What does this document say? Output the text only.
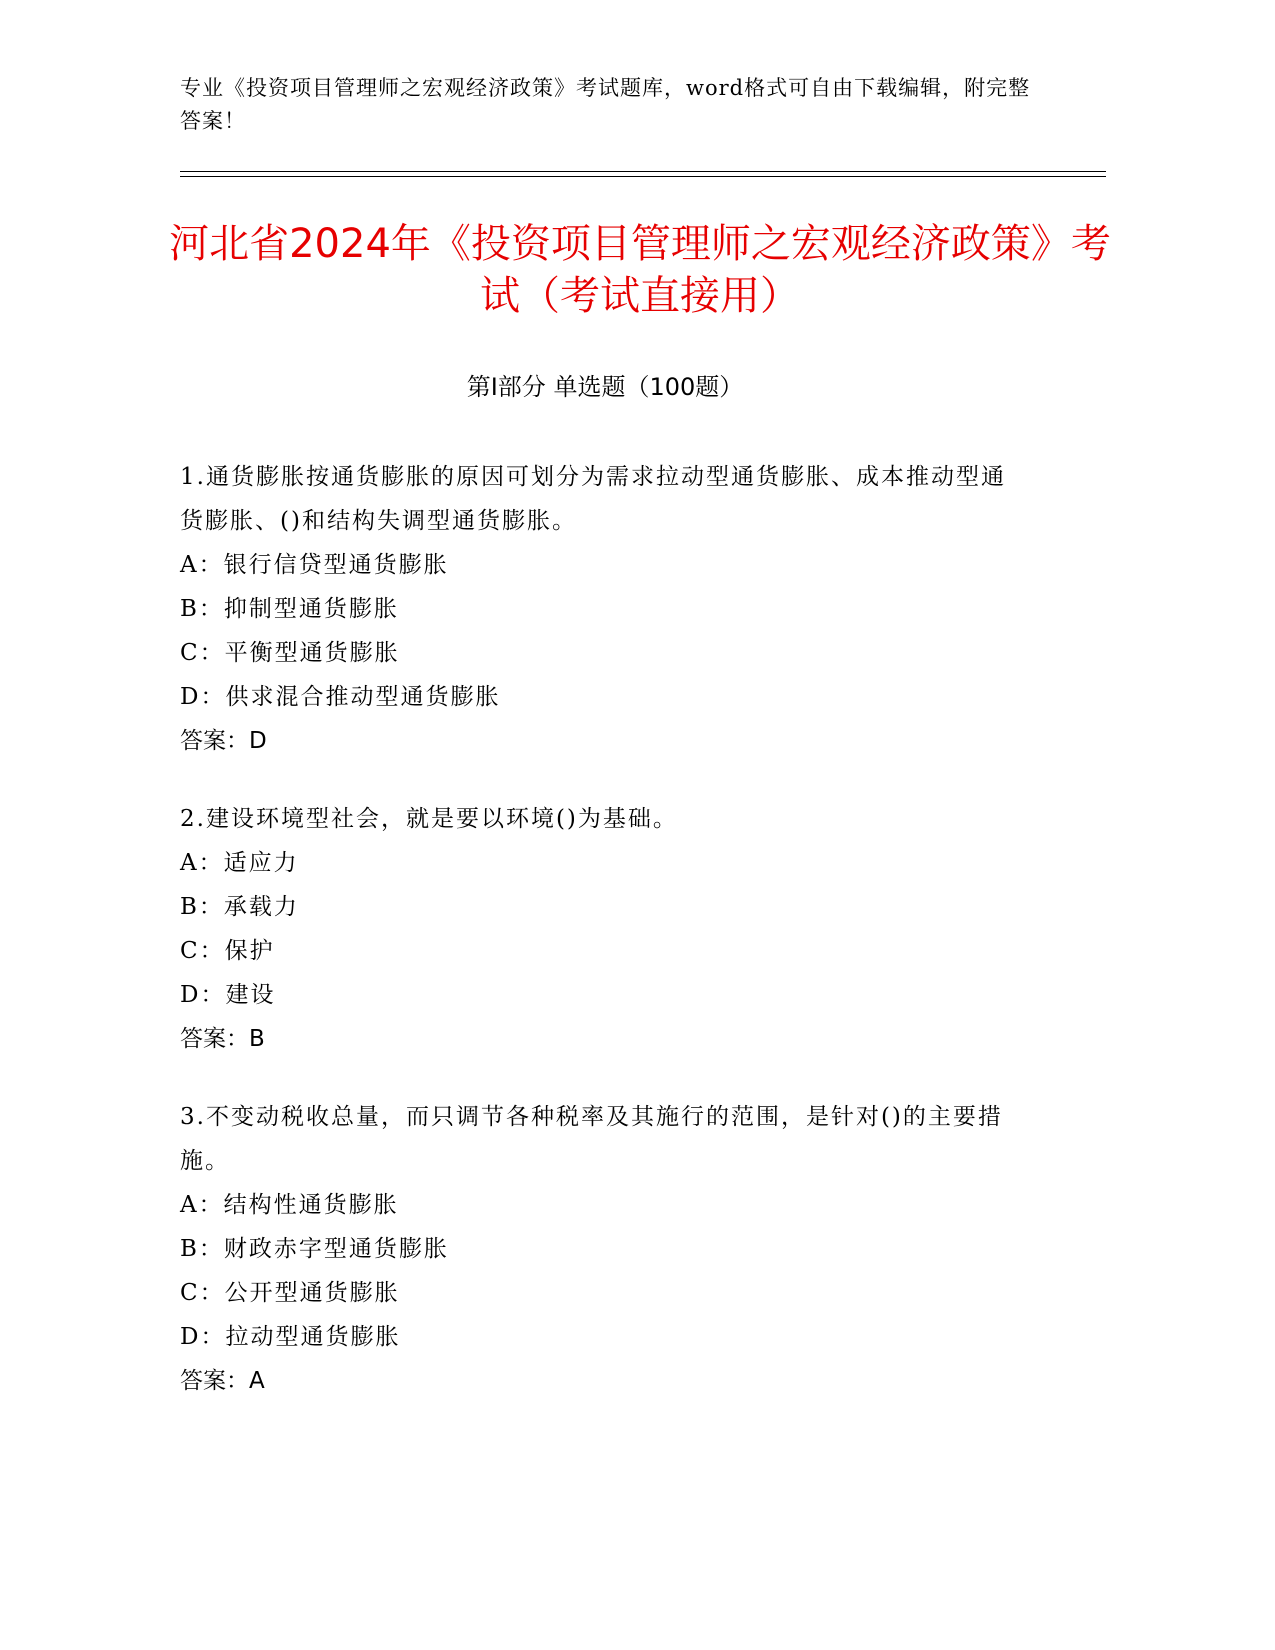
专业《投资项目管理师之宏观经济政策》考试题库，word格式可自由下载编辑，附完整答案！
河北省2024年《投资项目管理师之宏观经济政策》考试（考试直接用）
第I部分 单选题（100题）
1.通货膨胀按通货膨胀的原因可划分为需求拉动型通货膨胀、成本推动型通货膨胀、()和结构失调型通货膨胀。
A：银行信贷型通货膨胀
B：抑制型通货膨胀
C：平衡型通货膨胀
D：供求混合推动型通货膨胀
答案：D
2.建设环境型社会，就是要以环境()为基础。
A：适应力
B：承载力
C：保护
D：建设
答案：B
3.不变动税收总量，而只调节各种税率及其施行的范围，是针对()的主要措施。
A：结构性通货膨胀
B：财政赤字型通货膨胀
C：公开型通货膨胀
D：拉动型通货膨胀
答案：A
